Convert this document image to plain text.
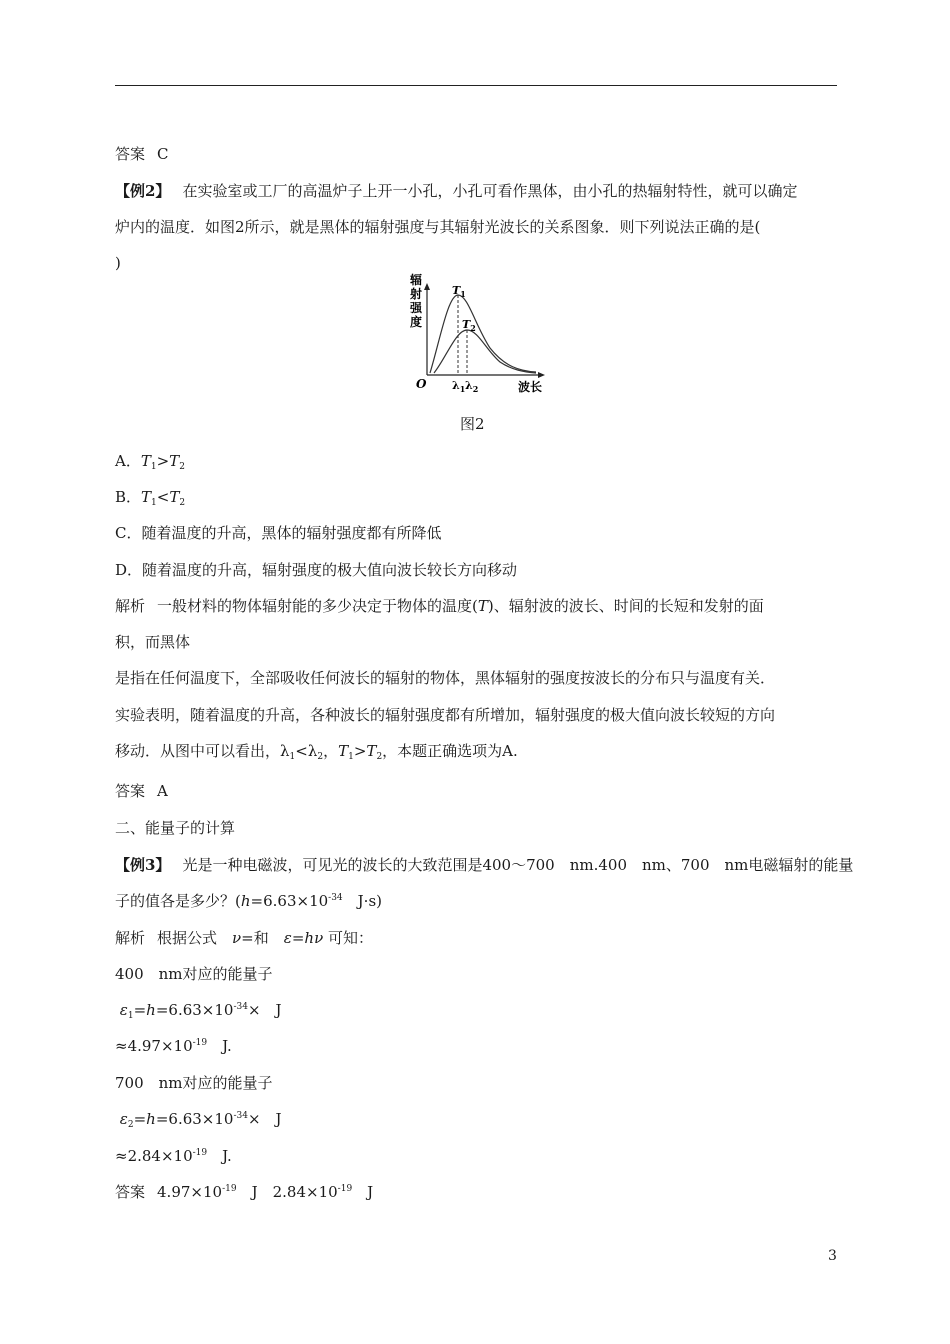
答案 C
【例2】 在实验室或工厂的高温炉子上开一小孔，小孔可看作黑体，由小孔的热辐射特性，就可以确定
炉内的温度．如图2所示，就是黑体的辐射强度与其辐射光波长的关系图象．则下列说法正确的是(
)
辐
射
强
度
O
$T_1$
$T_2$
$\lambda_1$ $\lambda_2$	波长
图2
A．$T_1>T_2$
B．$T_1<T_2$
C．随着温度的升高，黑体的辐射强度都有所降低
D．随着温度的升高，辐射强度的极大值向波长较长方向移动
解析 一般材料的物体辐射能的多少决定于物体的温度(T)、辐射波的波长、时间的长短和发射的面
积，而黑体
是指在任何温度下，全部吸收任何波长的辐射的物体，黑体辐射的强度按波长的分布只与温度有关．
实验表明，随着温度的升高，各种波长的辐射强度都有所增加，辐射强度的极大值向波长较短的方向
移动．从图中可以看出，$\lambda_1<\lambda_2$，$T_1>T_2$，本题正确选项为A.
答案 A
二、能量子的计算
【例3】 光是一种电磁波，可见光的波长的大致范围是400～700　nm.400　nm、700　nm电磁辐射的能量
子的值各是多少？($h=6.63\times 10^{-34}$　J·s)
解析 根据公式　 ν=和　 ε=hν 可知：
400　nm对应的能量子
$\varepsilon_1=h=6.63\times 10^{-34}\times$　J
$\approx 4.97\times 10^{-19}$　J.
700　nm对应的能量子
$\varepsilon_2=h=6.63\times 10^{-34}\times$　J
$\approx 2.84\times 10^{-19}$　J.
答案 $4.97\times 10^{-19}$　J　 $2.84\times 10^{-19}$　J
3
